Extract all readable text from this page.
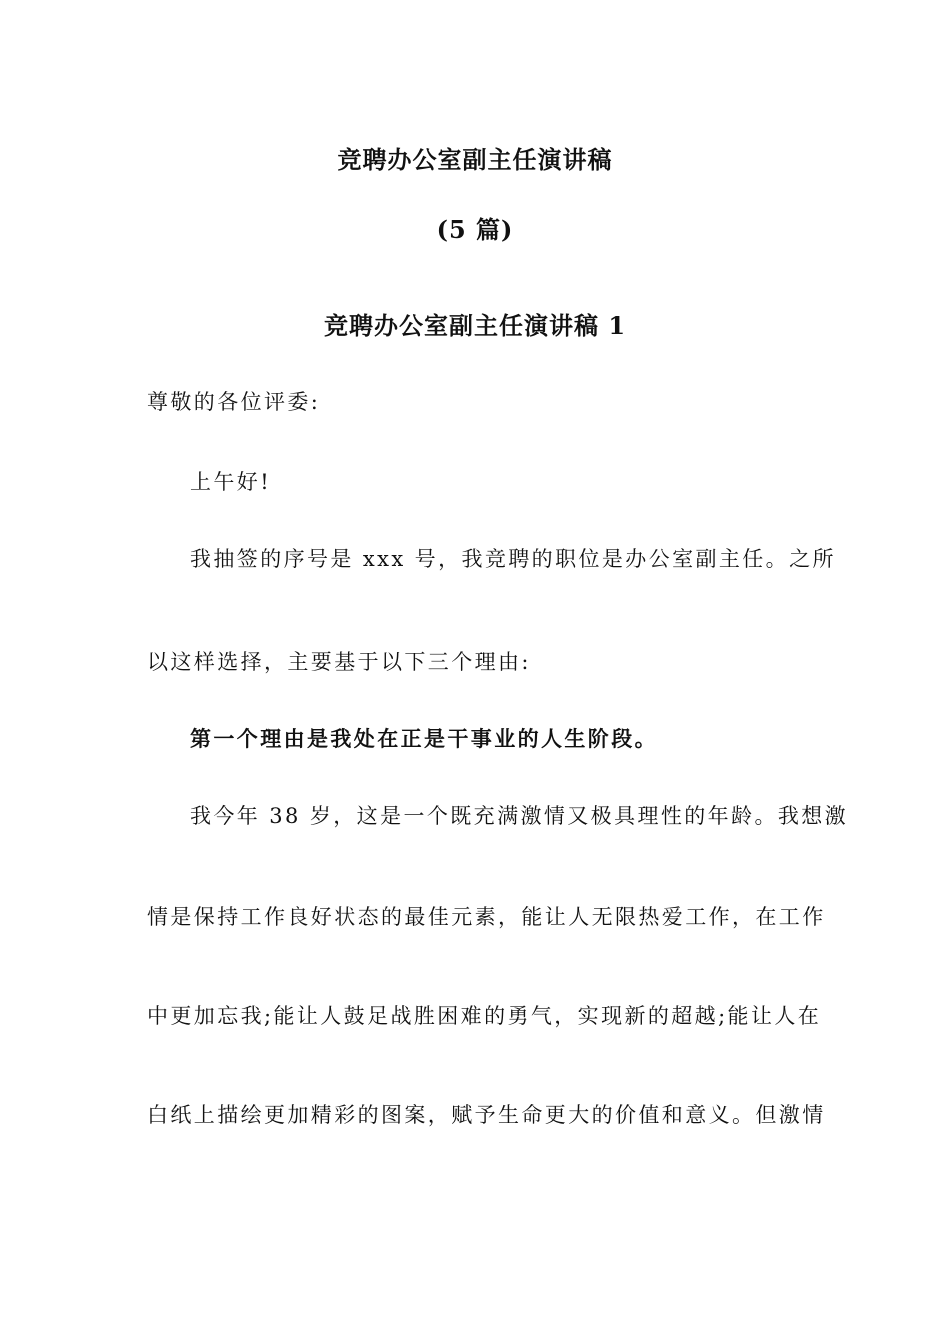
竞聘办公室副主任演讲稿
(5 篇)
竞聘办公室副主任演讲稿 1
尊敬的各位评委:
上午好!
我抽签的序号是 xxx 号，我竞聘的职位是办公室副主任。之所
以这样选择，主要基于以下三个理由:
第一个理由是我处在正是干事业的人生阶段。
我今年 38 岁，这是一个既充满激情又极具理性的年龄。我想激
情是保持工作良好状态的最佳元素，能让人无限热爱工作，在工作
中更加忘我;能让人鼓足战胜困难的勇气，实现新的超越;能让人在
白纸上描绘更加精彩的图案，赋予生命更大的价值和意义。但激情
